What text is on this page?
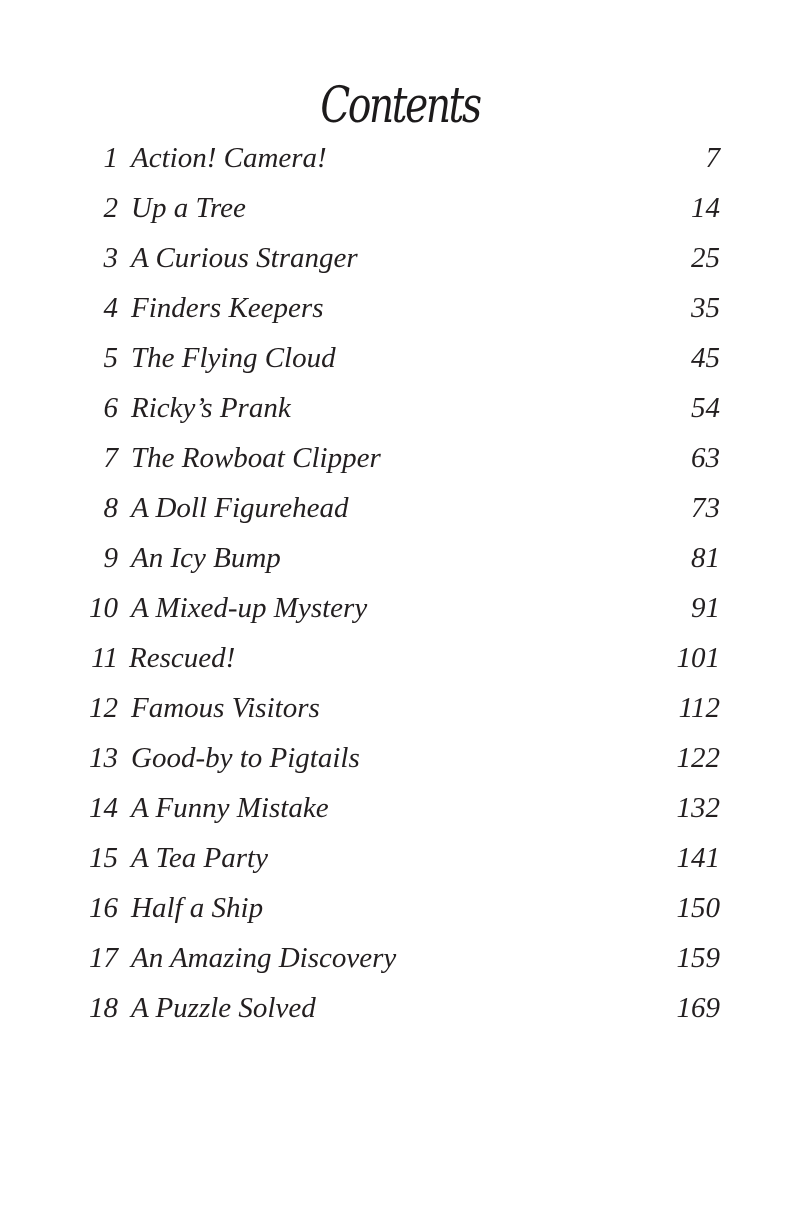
Contents
1 Action! Camera!	7
2 Up a Tree	14
3 A Curious Stranger	25
4 Finders Keepers	35
5 The Flying Cloud	45
6 Ricky’s Prank	54
7 The Rowboat Clipper	63
8 A Doll Figurehead	73
9 An Icy Bump	81
10 A Mixed-up Mystery	91
11 Rescued!	101
12 Famous Visitors	112
13 Good-by to Pigtails	122
14 A Funny Mistake	132
15 A Tea Party	141
16 Half a Ship	150
17 An Amazing Discovery	159
18 A Puzzle Solved	169
